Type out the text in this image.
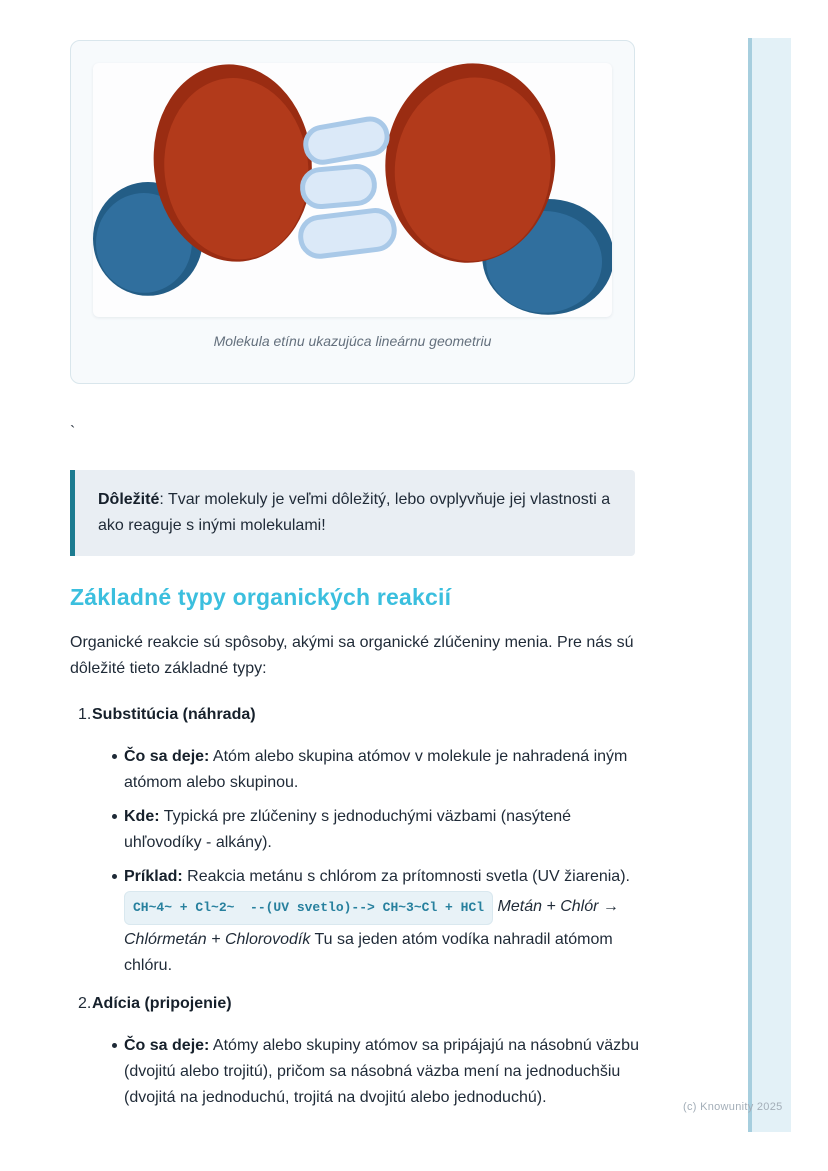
Molekula etínu ukazujúca lineárnu geometriu

`

Dôležité: Tvar molekuly je veľmi dôležitý, lebo ovplyvňuje jej vlastnosti a ako reaguje s inými molekulami!

Základné typy organických reakcií

Organické reakcie sú spôsoby, akými sa organické zlúčeniny menia. Pre nás sú dôležité tieto základné typy:

1. Substitúcia (náhrada)
Čo sa deje: Atóm alebo skupina atómov v molekule je nahradená iným atómom alebo skupinou.
Kde: Typická pre zlúčeniny s jednoduchými väzbami (nasýtené uhľovodíky - alkány).
Príklad: Reakcia metánu s chlórom za prítomnosti svetla (UV žiarenia). CH~4~ + Cl~2~  --(UV svetlo)--> CH~3~Cl + HCl Metán + Chlór → Chlórmetán + Chlorovodík Tu sa jeden atóm vodíka nahradil atómom chlóru.
2. Adícia (pripojenie)
Čo sa deje: Atómy alebo skupiny atómov sa pripájajú na násobnú väzbu (dvojitú alebo trojitú), pričom sa násobná väzba mení na jednoduchšiu (dvojitá na jednoduchú, trojitá na dvojitú alebo jednoduchú).
(c) Knowunity 2025
